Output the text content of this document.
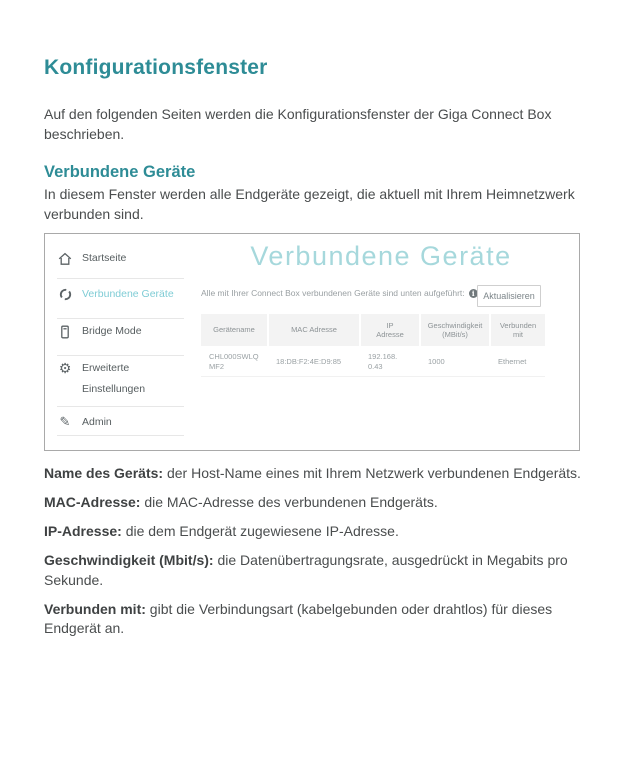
Konfigurationsfenster

Auf den folgenden Seiten werden die Konfigurationsfenster der Giga Connect Box beschrieben.

Verbundene Geräte

In diesem Fenster werden alle Endgeräte gezeigt, die aktuell mit Ihrem Heimnetzwerk verbunden sind.

Startseite
Verbundene Geräte
Bridge Mode
⚙
Erweiterte Einstellungen
✎
Admin
Verbundene Geräte
Alle mit Ihrer Connect Box verbundenen Geräte sind unten aufgeführt:	i Aktualisieren
Gerätename	MAC Adresse	IP Adresse	Geschwindigkeit (MBit/s)	Verbunden mit
CHL000SWLQ MF2	18:DB:F2:4E:D9:85	192.168.0.43	1000	Ethernet

Name des Geräts: der Host-Name eines mit Ihrem Netzwerk verbundenen Endgeräts.

MAC-Adresse: die MAC-Adresse des verbundenen Endgeräts.

IP-Adresse: die dem Endgerät zugewiesene IP-Adresse.

Geschwindigkeit (Mbit/s): die Datenübertragungsrate, ausgedrückt in Megabits pro Sekunde.

Verbunden mit: gibt die Verbindungsart (kabelgebunden oder drahtlos) für dieses Endgerät an.
